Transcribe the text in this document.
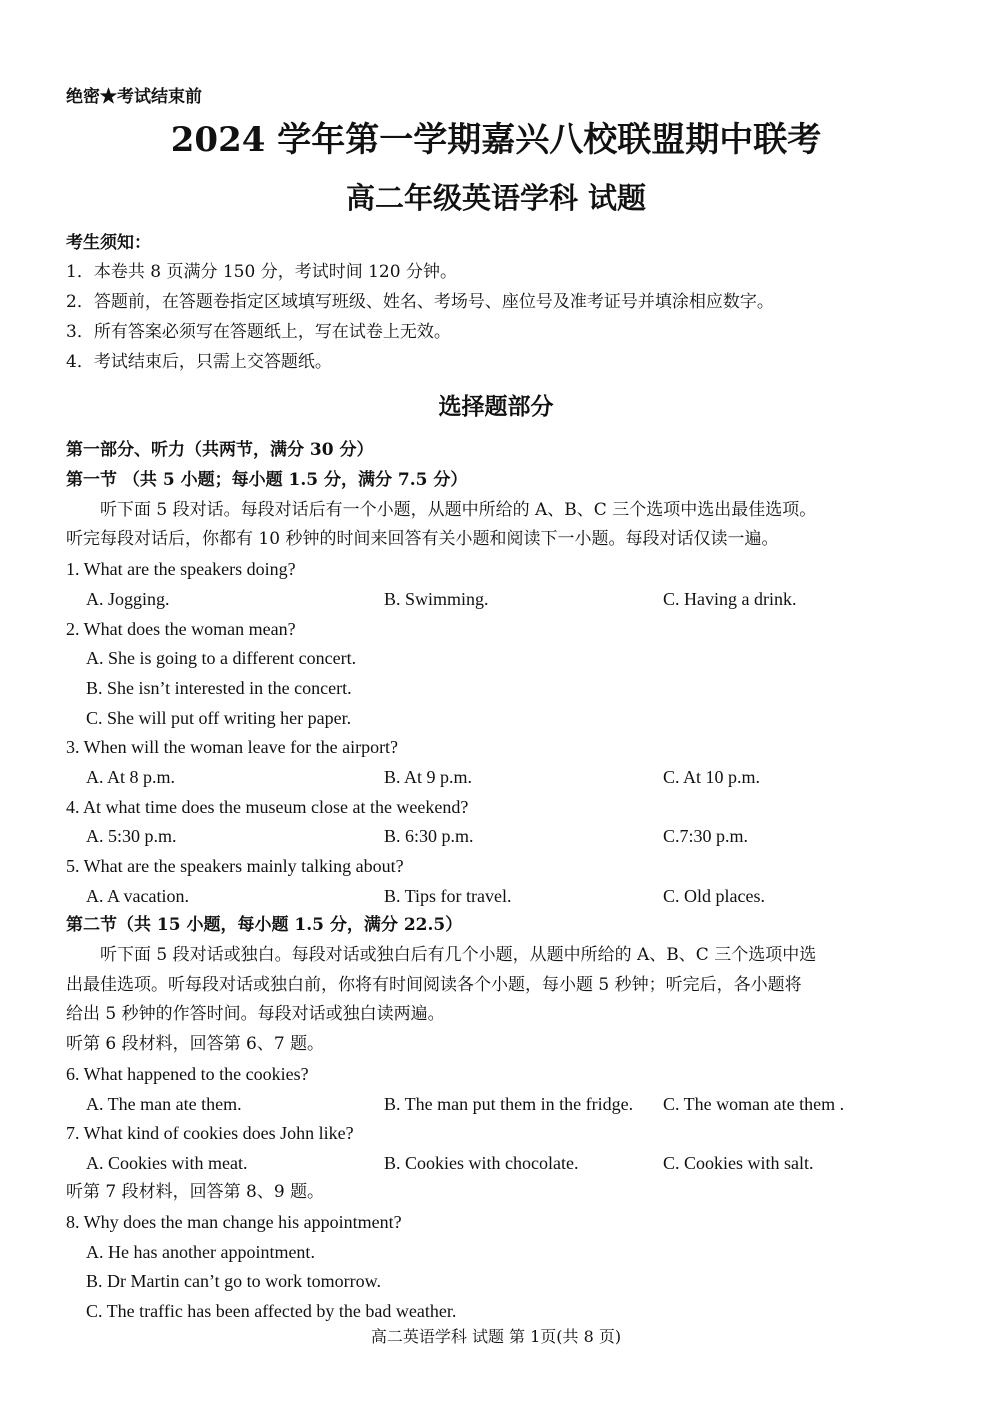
绝密★考试结束前
2024 学年第一学期嘉兴八校联盟期中联考
高二年级英语学科 试题
考生须知：
1．本卷共 8 页满分 150 分，考试时间 120 分钟。
2．答题前，在答题卷指定区域填写班级、姓名、考场号、座位号及准考证号并填涂相应数字。
3．所有答案必须写在答题纸上，写在试卷上无效。
4．考试结束后，只需上交答题纸。
选择题部分
第一部分、听力（共两节，满分 30 分）
第一节 （共 5 小题；每小题 1.5 分，满分 7.5 分）
听下面 5 段对话。每段对话后有一个小题，从题中所给的 A、B、C 三个选项中选出最佳选项。
听完每段对话后，你都有 10 秒钟的时间来回答有关小题和阅读下一小题。每段对话仅读一遍。
1. What are the speakers doing?
A. Jogging.	B. Swimming.	C. Having a drink.
2. What does the woman mean?
A. She is going to a different concert.
B. She isn’t interested in the concert.
C. She will put off writing her paper.
3. When will the woman leave for the airport?
A. At 8 p.m.	B. At 9 p.m.	C. At 10 p.m.
4. At what time does the museum close at the weekend?
A. 5:30 p.m.	B. 6:30 p.m.	C.7:30 p.m.
5. What are the speakers mainly talking about?
A. A vacation.	B. Tips for travel.	C. Old places.
第二节（共 15 小题，每小题 1.5 分，满分 22.5）
听下面 5 段对话或独白。每段对话或独白后有几个小题，从题中所给的 A、B、C 三个选项中选
出最佳选项。听每段对话或独白前，你将有时间阅读各个小题，每小题 5 秒钟；听完后，各小题将
给出 5 秒钟的作答时间。每段对话或独白读两遍。
听第 6 段材料，回答第 6、7 题。
6. What happened to the cookies?
A. The man ate them.	B. The man put them in the fridge. C. The woman ate them .
7. What kind of cookies does John like?
A. Cookies with meat.	B. Cookies with chocolate.	C. Cookies with salt.
听第 7 段材料，回答第 8、9 题。
8. Why does the man change his appointment?
A. He has another appointment.
B. Dr Martin can’t go to work tomorrow.
C. The traffic has been affected by the bad weather.
高二英语学科 试题 第 1页(共 8 页)
